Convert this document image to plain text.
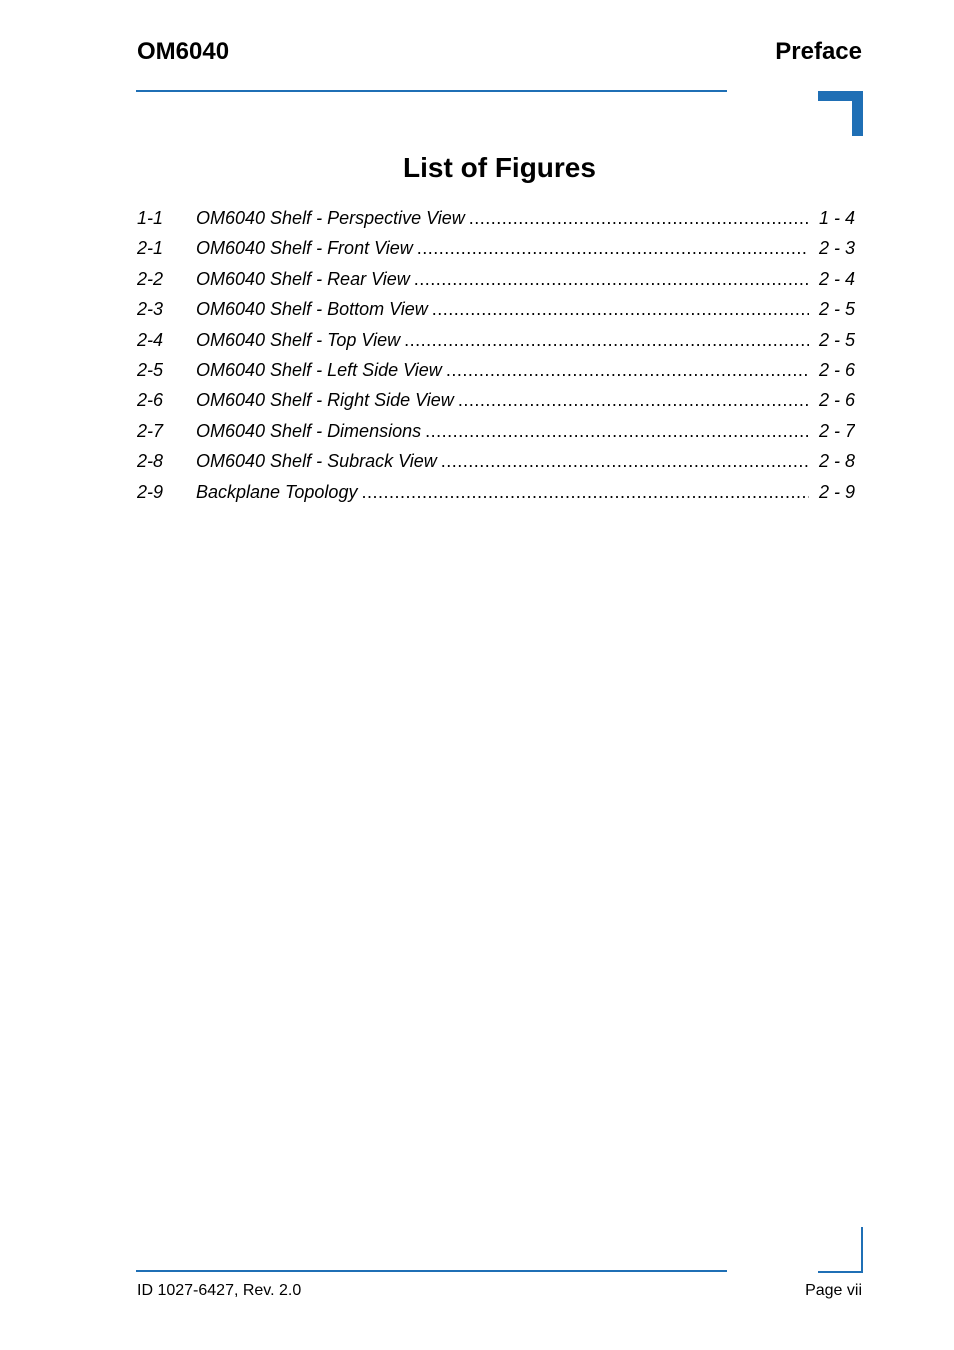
OM6040	Preface
List of Figures
1-1	OM6040 Shelf - Perspective View .....	1 - 4
2-1	OM6040 Shelf - Front View .....	2 - 3
2-2	OM6040 Shelf - Rear View .....	2 - 4
2-3	OM6040 Shelf - Bottom View .....	2 - 5
2-4	OM6040 Shelf - Top View .....	2 - 5
2-5	OM6040 Shelf - Left Side View .....	2 - 6
2-6	OM6040 Shelf - Right Side View .....	2 - 6
2-7	OM6040 Shelf - Dimensions .....	2 - 7
2-8	OM6040 Shelf - Subrack View .....	2 - 8
2-9	Backplane Topology .....	2 - 9
ID 1027-6427, Rev. 2.0	Page vii
